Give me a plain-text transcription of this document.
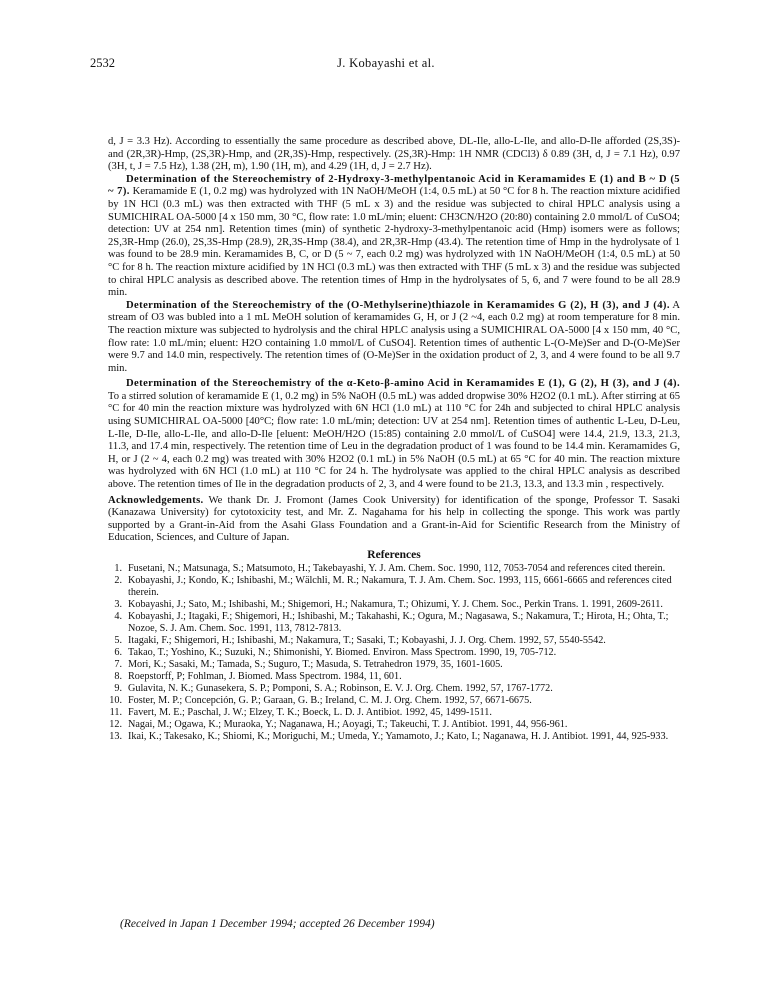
2532	J. Kobayashi et al.

d, J = 3.3 Hz). According to essentially the same procedure as described above, DL-Ile, allo-L-Ile, and allo-D-Ile afforded (2S,3S)- and (2R,3R)-Hmp, (2S,3R)-Hmp, and (2R,3S)-Hmp, respectively. (2S,3R)-Hmp: 1H NMR (CDCl3) δ 0.89 (3H, d, J = 7.1 Hz), 0.97 (3H, t, J = 7.5 Hz), 1.38 (2H, m), 1.90 (1H, m), and 4.29 (1H, d, J = 2.7 Hz).

Determination of the Stereochemistry of 2-Hydroxy-3-methylpentanoic Acid in Keramamides E (1) and B ~ D (5 ~ 7). Keramamide E (1, 0.2 mg) was hydrolyzed with 1N NaOH/MeOH (1:4, 0.5 mL) at 50 °C for 8 h. The reaction mixture acidified by 1N HCl (0.3 mL) was then extracted with THF (5 mL x 3) and the residue was subjected to chiral HPLC analysis using a SUMICHIRAL OA-5000 [4 x 150 mm, 30 °C, flow rate: 1.0 mL/min; eluent: CH3CN/H2O (20:80) containing 2.0 mmol/L of CuSO4; detection: UV at 254 nm]. Retention times (min) of synthetic 2-hydroxy-3-methylpentanoic acid (Hmp) isomers were as follows; 2S,3R-Hmp (26.0), 2S,3S-Hmp (28.9), 2R,3S-Hmp (38.4), and 2R,3R-Hmp (43.4). The retention time of Hmp in the hydrolysate of 1 was found to be 28.9 min. Keramamides B, C, or D (5 ~ 7, each 0.2 mg) was hydrolyzed with 1N NaOH/MeOH (1:4, 0.5 mL) at 50 °C for 8 h. The reaction mixture acidified by 1N HCl (0.3 mL) was then extracted with THF (5 mL x 3) and the residue was subjected to chiral HPLC analysis as described above. The retention times of Hmp in the hydrolysates of 5, 6, and 7 were found to be all 28.9 min.

Determination of the Stereochemistry of the (O-Methylserine)thiazole in Keramamides G (2), H (3), and J (4). A stream of O3 was bubled into a 1 mL MeOH solution of keramamides G, H, or J (2 ~4, each 0.2 mg) at room temperature for 8 min. The reaction mixture was subjected to hydrolysis and the chiral HPLC analysis using a SUMICHIRAL OA-5000 [4 x 150 mm, 40 °C, flow rate: 1.0 mL/min; eluent: H2O containing 1.0 mmol/L of CuSO4]. Retention times of authentic L-(O-Me)Ser and D-(O-Me)Ser were 9.7 and 14.0 min, respectively. The retention times of (O-Me)Ser in the oxidation product of 2, 3, and 4 were found to be all 9.7 min.

Determination of the Stereochemistry of the α-Keto-β-amino Acid in Keramamides E (1), G (2), H (3), and J (4). To a stirred solution of keramamide E (1, 0.2 mg) in 5% NaOH (0.5 mL) was added dropwise 30% H2O2 (0.1 mL). After stirring at 65 °C for 40 min the reaction mixture was hydrolyzed with 6N HCl (1.0 mL) at 110 °C for 24h and subjected to chiral HPLC analysis using SUMICHIRAL OA-5000 [40°C; flow rate: 1.0 mL/min; detection: UV at 254 nm]. Retention times of authentic L-Leu, D-Leu, L-Ile, D-Ile, allo-L-Ile, and allo-D-Ile [eluent: MeOH/H2O (15:85) containing 2.0 mmol/L of CuSO4] were 14.4, 21.9, 13.3, 21.3, 11.3, and 17.4 min, respectively. The retention time of Leu in the degradation product of 1 was found to be 14.4 min. Keramamides G, H, or J (2 ~ 4, each 0.2 mg) was treated with 30% H2O2 (0.1 mL) in 5% NaOH (0.5 mL) at 65 °C for 40 min. The reaction mixture was hydrolyzed with 6N HCl (1.0 mL) at 110 °C for 24 h. The hydrolysate was applied to the chiral HPLC analysis as described above. The retention times of Ile in the degradation products of 2, 3, and 4 were found to be 21.3, 13.3, and 13.3 min , respectively.

Acknowledgements. We thank Dr. J. Fromont (James Cook University) for identification of the sponge, Professor T. Sasaki (Kanazawa University) for cytotoxicity test, and Mr. Z. Nagahama for his help in collecting the sponge. This work was partly supported by a Grant-in-Aid from the Asahi Glass Foundation and a Grant-in-Aid for Scientific Research from the Ministry of Education, Sciences, and Culture of Japan.

References
1. Fusetani, N.; Matsunaga, S.; Matsumoto, H.; Takebayashi, Y. J. Am. Chem. Soc. 1990, 112, 7053-7054 and references cited therein.
2. Kobayashi, J.; Kondo, K.; Ishibashi, M.; Wälchli, M. R.; Nakamura, T. J. Am. Chem. Soc. 1993, 115, 6661-6665 and references cited therein.
3. Kobayashi, J.; Sato, M.; Ishibashi, M.; Shigemori, H.; Nakamura, T.; Ohizumi, Y. J. Chem. Soc., Perkin Trans. 1. 1991, 2609-2611.
4. Kobayashi, J.; Itagaki, F.; Shigemori, H.; Ishibashi, M.; Takahashi, K.; Ogura, M.; Nagasawa, S.; Nakamura, T.; Hirota, H.; Ohta, T.; Nozoe, S. J. Am. Chem. Soc. 1991, 113, 7812-7813.
5. Itagaki, F.; Shigemori, H.; Ishibashi, M.; Nakamura, T.; Sasaki, T.; Kobayashi, J. J. Org. Chem. 1992, 57, 5540-5542.
6. Takao, T.; Yoshino, K.; Suzuki, N.; Shimonishi, Y. Biomed. Environ. Mass Spectrom. 1990, 19, 705-712.
7. Mori, K.; Sasaki, M.; Tamada, S.; Suguro, T.; Masuda, S. Tetrahedron 1979, 35, 1601-1605.
8. Roepstorff, P; Fohlman, J. Biomed. Mass Spectrom. 1984, 11, 601.
9. Gulavita, N. K.; Gunasekera, S. P.; Pomponi, S. A.; Robinson, E. V. J. Org. Chem. 1992, 57, 1767-1772.
10. Foster, M. P.; Concepción, G. P.; Garaan, G. B.; Ireland, C. M. J. Org. Chem. 1992, 57, 6671-6675.
11. Favert, M. E.; Paschal, J. W.; Elzey, T. K.; Boeck, L. D. J. Antibiot. 1992, 45, 1499-1511.
12. Nagai, M.; Ogawa, K.; Muraoka, Y.; Naganawa, H.; Aoyagi, T.; Takeuchi, T. J. Antibiot. 1991, 44, 956-961.
13. Ikai, K.; Takesako, K.; Shiomi, K.; Moriguchi, M.; Umeda, Y.; Yamamoto, J.; Kato, I.; Naganawa, H. J. Antibiot. 1991, 44, 925-933.
(Received in Japan 1 December 1994; accepted 26 December 1994)
